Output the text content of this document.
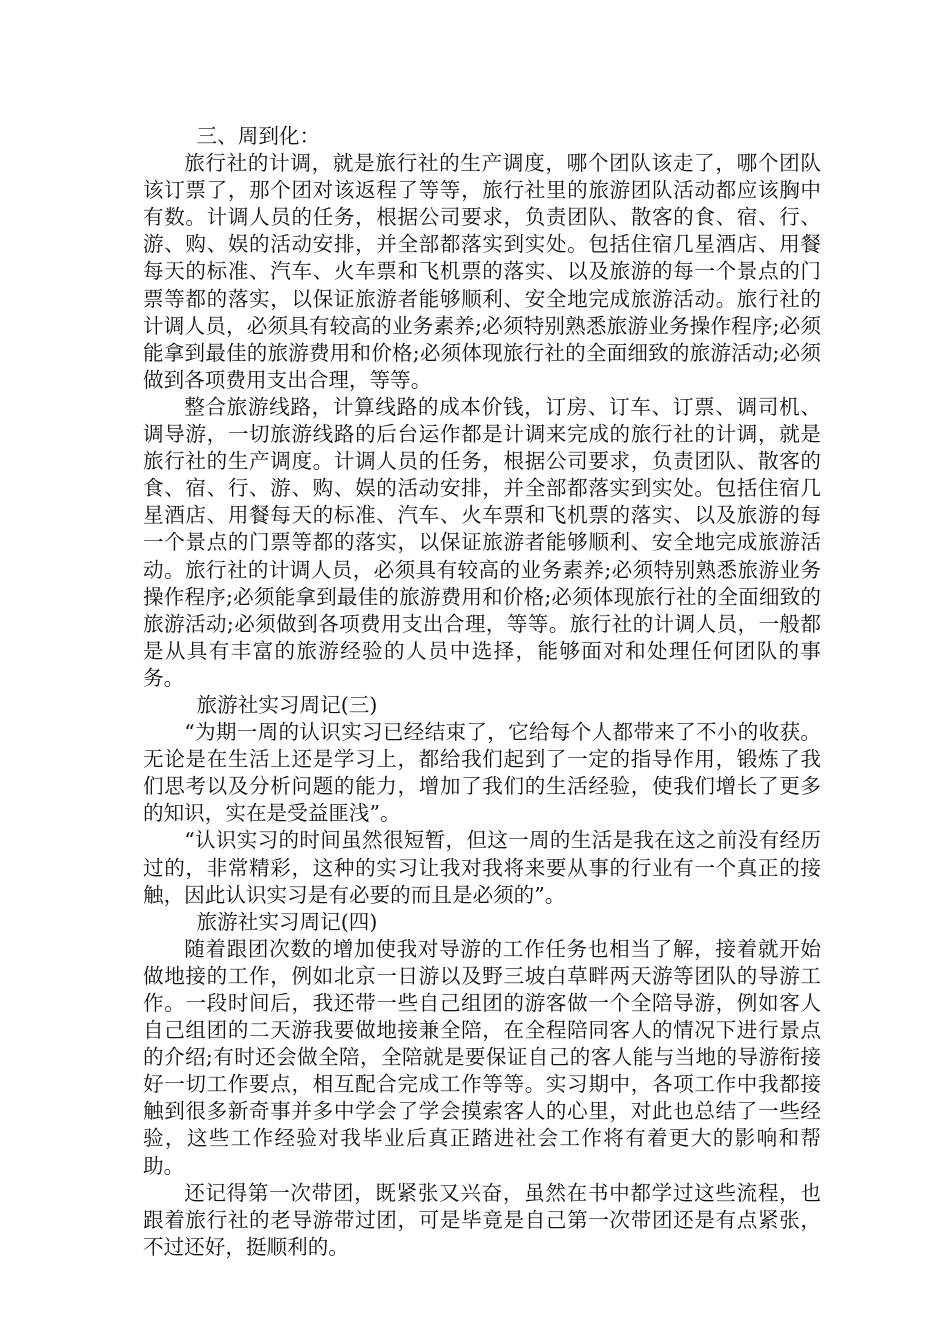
三、周到化：

旅行社的计调，就是旅行社的生产调度，哪个团队该走了，哪个团队该订票了，那个团对该返程了等等，旅行社里的旅游团队活动都应该胸中有数。计调人员的任务，根据公司要求，负责团队、散客的食、宿、行、游、购、娱的活动安排，并全部都落实到实处。包括住宿几星酒店、用餐每天的标准、汽车、火车票和飞机票的落实、以及旅游的每一个景点的门票等都的落实，以保证旅游者能够顺利、安全地完成旅游活动。旅行社的计调人员，必须具有较高的业务素养;必须特别熟悉旅游业务操作程序;必须能拿到最佳的旅游费用和价格;必须体现旅行社的全面细致的旅游活动;必须做到各项费用支出合理，等等。

整合旅游线路，计算线路的成本价钱，订房、订车、订票、调司机、调导游，一切旅游线路的后台运作都是计调来完成的旅行社的计调，就是旅行社的生产调度。计调人员的任务，根据公司要求，负责团队、散客的食、宿、行、游、购、娱的活动安排，并全部都落实到实处。包括住宿几星酒店、用餐每天的标准、汽车、火车票和飞机票的落实、以及旅游的每一个景点的门票等都的落实，以保证旅游者能够顺利、安全地完成旅游活动。旅行社的计调人员，必须具有较高的业务素养;必须特别熟悉旅游业务操作程序;必须能拿到最佳的旅游费用和价格;必须体现旅行社的全面细致的旅游活动;必须做到各项费用支出合理，等等。旅行社的计调人员，一般都是从具有丰富的旅游经验的人员中选择，能够面对和处理任何团队的事务。

旅游社实习周记(三)

“为期一周的认识实习已经结束了，它给每个人都带来了不小的收获。无论是在生活上还是学习上，都给我们起到了一定的指导作用，锻炼了我们思考以及分析问题的能力，增加了我们的生活经验，使我们增长了更多的知识，实在是受益匪浅”。

“认识实习的时间虽然很短暂，但这一周的生活是我在这之前没有经历过的，非常精彩，这种的实习让我对我将来要从事的行业有一个真正的接触，因此认识实习是有必要的而且是必须的”。

旅游社实习周记(四)

随着跟团次数的增加使我对导游的工作任务也相当了解，接着就开始做地接的工作，例如北京一日游以及野三坡白草畔两天游等团队的导游工作。一段时间后，我还带一些自己组团的游客做一个全陪导游，例如客人自己组团的二天游我要做地接兼全陪，在全程陪同客人的情况下进行景点的介绍;有时还会做全陪，全陪就是要保证自己的客人能与当地的导游衔接好一切工作要点，相互配合完成工作等等。实习期中，各项工作中我都接触到很多新奇事并多中学会了学会摸索客人的心里，对此也总结了一些经验，这些工作经验对我毕业后真正踏进社会工作将有着更大的影响和帮助。

还记得第一次带团，既紧张又兴奋，虽然在书中都学过这些流程，也跟着旅行社的老导游带过团，可是毕竟是自己第一次带团还是有点紧张，不过还好，挺顺利的。
